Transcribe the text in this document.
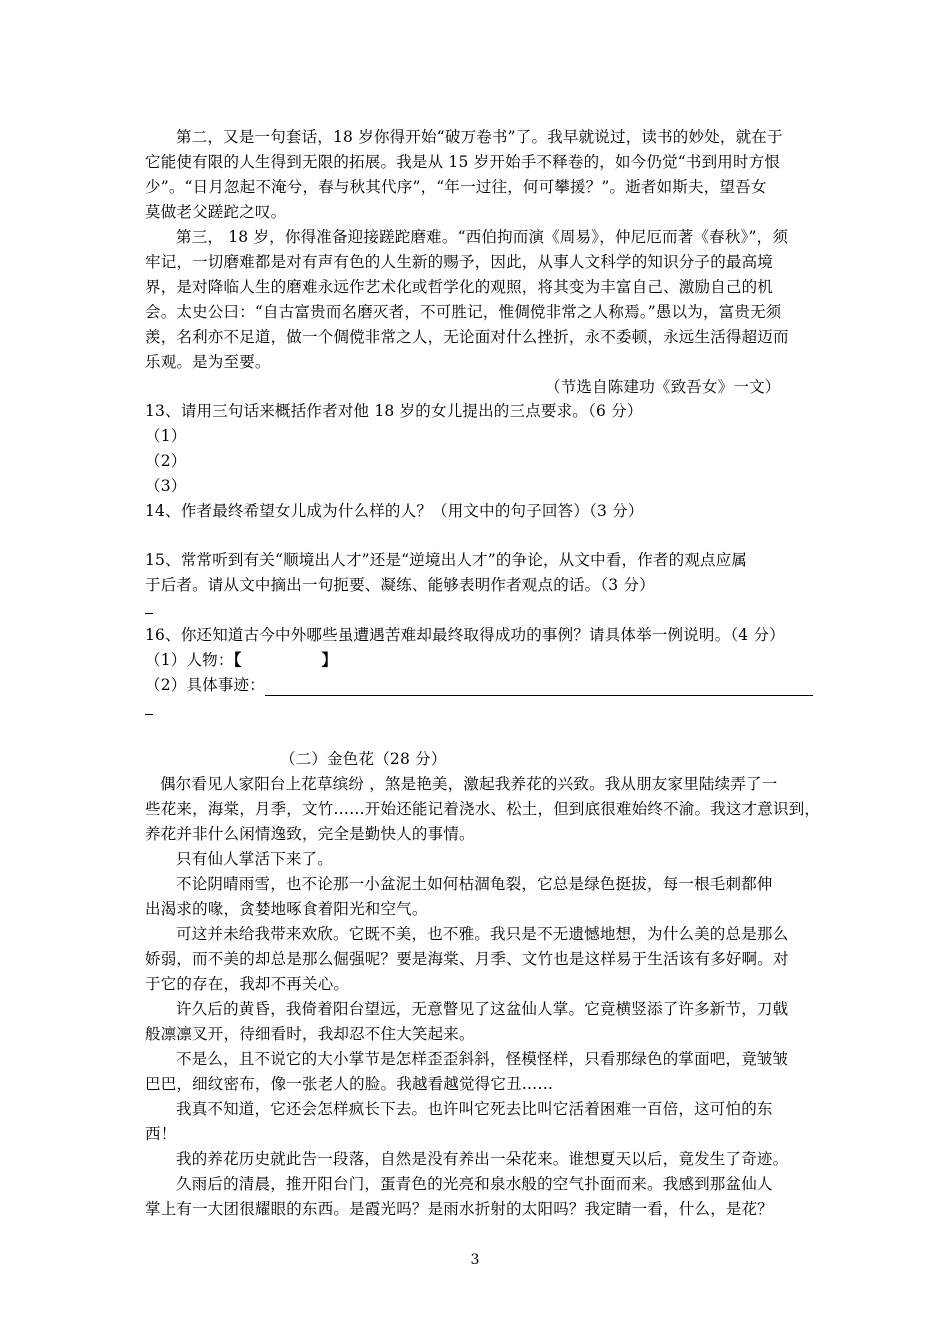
第二，又是一句套话，18 岁你得开始“破万卷书”了。我早就说过，读书的妙处，就在于
它能使有限的人生得到无限的拓展。我是从 15 岁开始手不释卷的，如今仍觉“书到用时方恨
少”。“日月忽起不淹兮，春与秋其代序”，“年一过往，何可攀援？”。逝者如斯夫，望吾女
莫做老父蹉跎之叹。
第三， 18 岁，你得准备迎接蹉跎磨难。“西伯拘而演《周易》，仲尼厄而著《春秋》”，须
牢记，一切磨难都是对有声有色的人生新的赐予，因此，从事人文科学的知识分子的最高境
界，是对降临人生的磨难永远作艺术化或哲学化的观照，将其变为丰富自己、激励自己的机
会。太史公曰：“自古富贵而名磨灭者，不可胜记，惟倜傥非常之人称焉。”愚以为，富贵无须
羡，名利亦不足道，做一个倜傥非常之人，无论面对什么挫折，永不委顿，永远生活得超迈而
乐观。是为至要。
（节选自陈建功《致吾女》一文）
13、请用三句话来概括作者对他 18 岁的女儿提出的三点要求。（6 分）
（1）
（2）
（3）
14、作者最终希望女儿成为什么样的人？（用文中的句子回答）（3 分）
15、常常听到有关“顺境出人才”还是“逆境出人才”的争论，从文中看，作者的观点应属
于后者。请从文中摘出一句扼要、凝练、能够表明作者观点的话。（3 分）
16、你还知道古今中外哪些虽遭遇苦难却最终取得成功的事例？请具体举一例说明。（4 分）
（1）人物：【	】
（2）具体事迹：
（二）金色花（28 分）
偶尔看见人家阳台上花草缤纷 ，煞是艳美，激起我养花的兴致。我从朋友家里陆续弄了一
些花来，海棠，月季，文竹……开始还能记着浇水、松土，但到底很难始终不渝。我这才意识到，
养花并非什么闲情逸致，完全是勤快人的事情。
只有仙人掌活下来了。
不论阴晴雨雪，也不论那一小盆泥土如何枯涸龟裂，它总是绿色挺拔，每一根毛刺都伸
出渴求的喙，贪婪地啄食着阳光和空气。
可这并未给我带来欢欣。它既不美，也不雅。我只是不无遗憾地想，为什么美的总是那么
娇弱，而不美的却总是那么倔强呢？要是海棠、月季、文竹也是这样易于生活该有多好啊。对
于它的存在，我却不再关心。
许久后的黄昏，我倚着阳台望远，无意瞥见了这盆仙人掌。它竟横竖添了许多新节，刀戟
般凛凛叉开，待细看时，我却忍不住大笑起来。
不是么，且不说它的大小掌节是怎样歪歪斜斜，怪模怪样，只看那绿色的掌面吧，竟皱皱
巴巴，细纹密布，像一张老人的脸。我越看越觉得它丑……
我真不知道，它还会怎样疯长下去。也许叫它死去比叫它活着困难一百倍，这可怕的东
西！
我的养花历史就此告一段落，自然是没有养出一朵花来。谁想夏天以后，竟发生了奇迹。
久雨后的清晨，推开阳台门，蛋青色的光亮和泉水般的空气扑面而来。我感到那盆仙人
掌上有一大团很耀眼的东西。是霞光吗？是雨水折射的太阳吗？我定睛一看，什么，是花？
3
